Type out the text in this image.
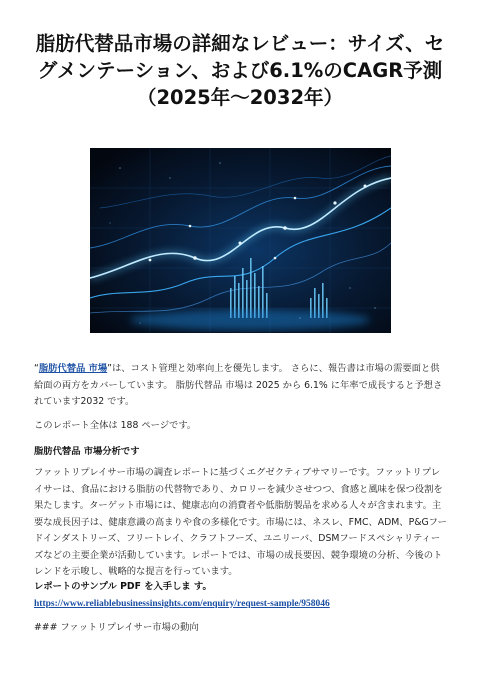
脂肪代替品市場の詳細なレビュー：サイズ、セ
グメンテーション、および6.1%のCAGR予測
（2025年〜2032年）

“脂肪代替品 市場”は、コスト管理と効率向上を優先します。 さらに、報告書は市場の需要面と供給面の両方をカバーしています。 脂肪代替品 市場は 2025 から 6.1% に年率で成長すると予想されています2032 です。

このレポート全体は 188 ページです。

脂肪代替品 市場分析です

ファットリプレイサー市場の調査レポートに基づくエグゼクティブサマリーです。ファットリプレイサーは、食品における脂肪の代替物であり、カロリーを減少させつつ、食感と風味を保つ役割を果たします。ターゲット市場には、健康志向の消費者や低脂肪製品を求める人々が含まれます。主要な成長因子は、健康意識の高まりや食の多様化です。市場には、ネスレ、FMC、ADM、P&Gフードインダストリーズ、フリートレイ、クラフトフーズ、ユニリーバ、DSMフードスペシャリティーズなどの主要企業が活動しています。レポートでは、市場の成長要因、競争環境の分析、今後のトレンドを示唆し、戦略的な提言を行っています。

レポートのサンプル PDF を入手しま す。 https://www.reliablebusinessinsights.com/enquiry/request-sample/958046

### ファットリプレイサー市場の動向
